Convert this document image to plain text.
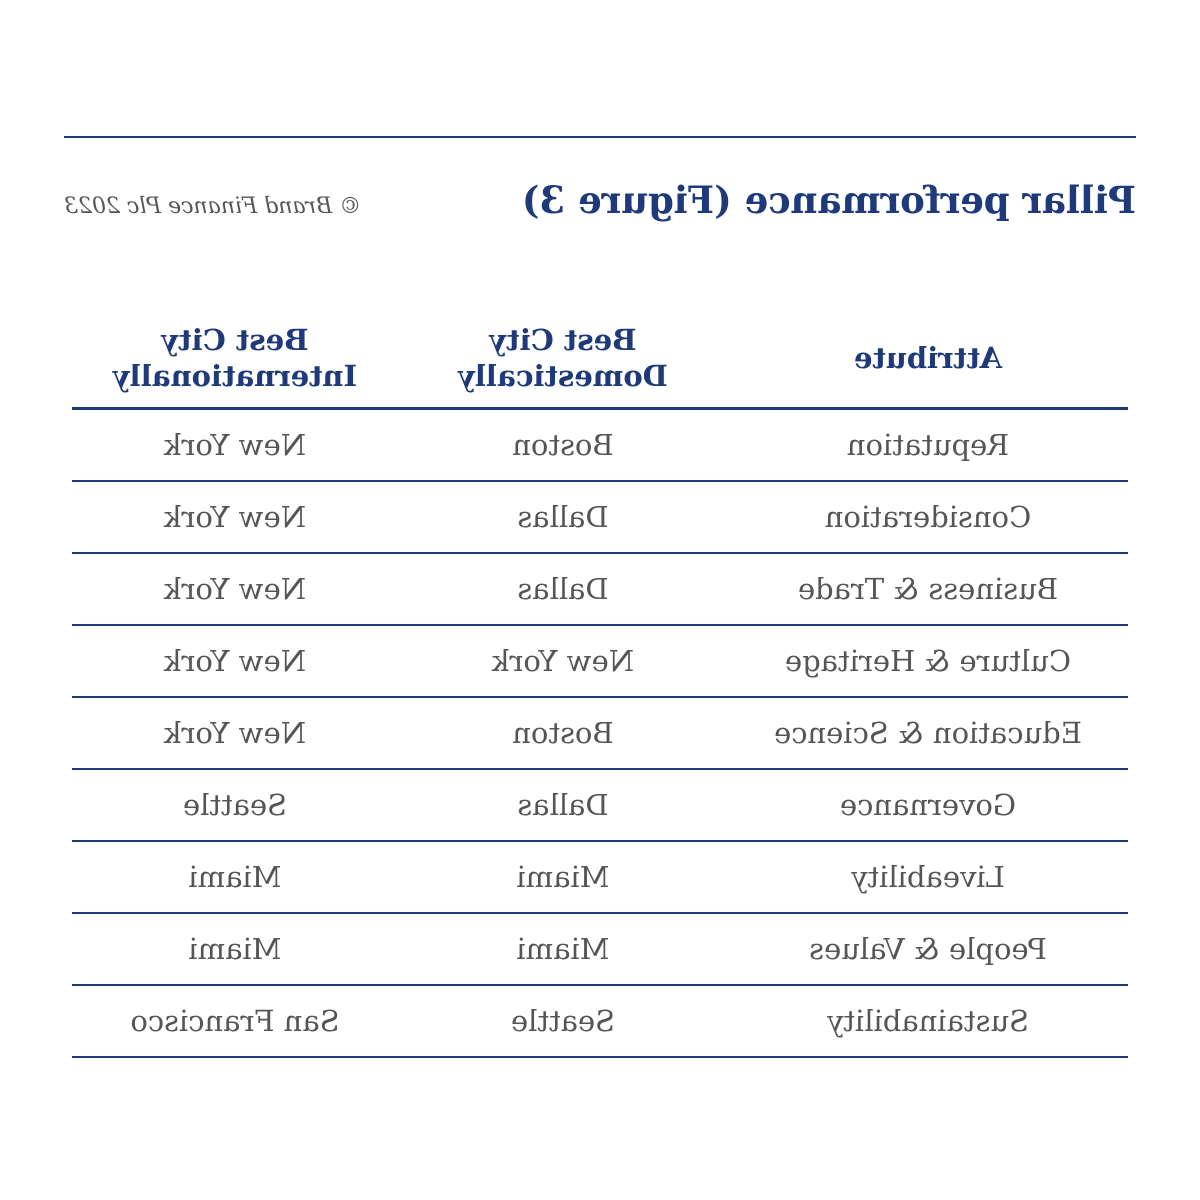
Pillar performance (Figure 3)
© Brand Finance Plc 2023
Attribute
Best City Domestically
Best City Internationally
Reputation
Boston
New York
Consideration
Dallas
New York
Business & Trade
Dallas
New York
Culture & Heritage
New York
New York
Education & Science
Boston
New York
Governance
Dallas
Seattle
Liveability
Miami
Miami
People & Values
Miami
Miami
Sustainability
Seattle
San Francisco
